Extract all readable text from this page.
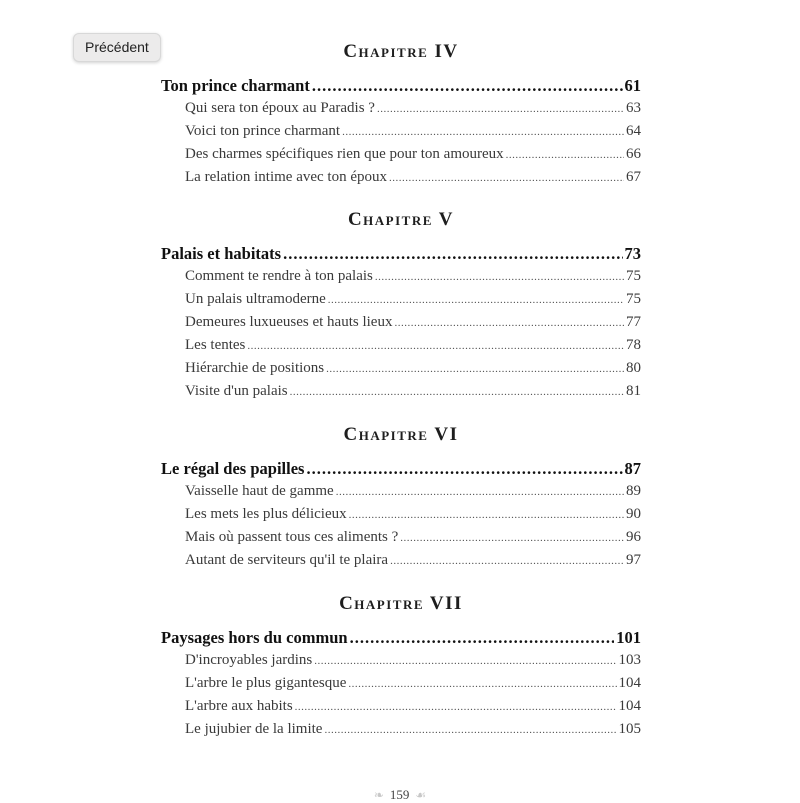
Précédent	Chapitre IV
Ton prince charmant .....	61
Qui sera ton époux au Paradis ? .....	63
Voici ton prince charmant .....	64
Des charmes spécifiques rien que pour ton amoureux .....	66
La relation intime avec ton époux .....	67
Chapitre V
Palais et habitats .....	73
Comment te rendre à ton palais .....	75
Un palais ultramoderne .....	75
Demeures luxueuses et hauts lieux .....	77
Les tentes .....	78
Hiérarchie de positions .....	80
Visite d'un palais .....	81
Chapitre VI
Le régal des papilles .....	87
Vaisselle haut de gamme .....	89
Les mets les plus délicieux .....	90
Mais où passent tous ces aliments ? .....	96
Autant de serviteurs qu'il te plaira .....	97
Chapitre VII
Paysages hors du commun .....	101
D'incroyables jardins .....	103
L'arbre le plus gigantesque .....	104
L'arbre aux habits .....	104
Le jujubier de la limite .....	105
❧ 159 ☙
